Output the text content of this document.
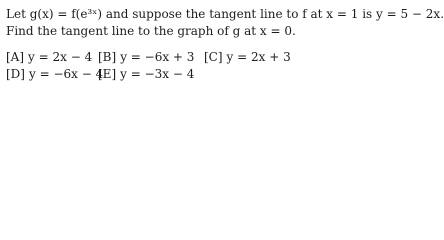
Let g(x) = f(e³ˣ) and suppose the tangent line to f at x = 1 is y = 5 − 2x.
Find the tangent line to the graph of g at x = 0.
[A] y = 2x − 4 [B] y = −6x + 3 [C] y = 2x + 3
[D] y = −6x − 4
[E] y = −3x − 4
